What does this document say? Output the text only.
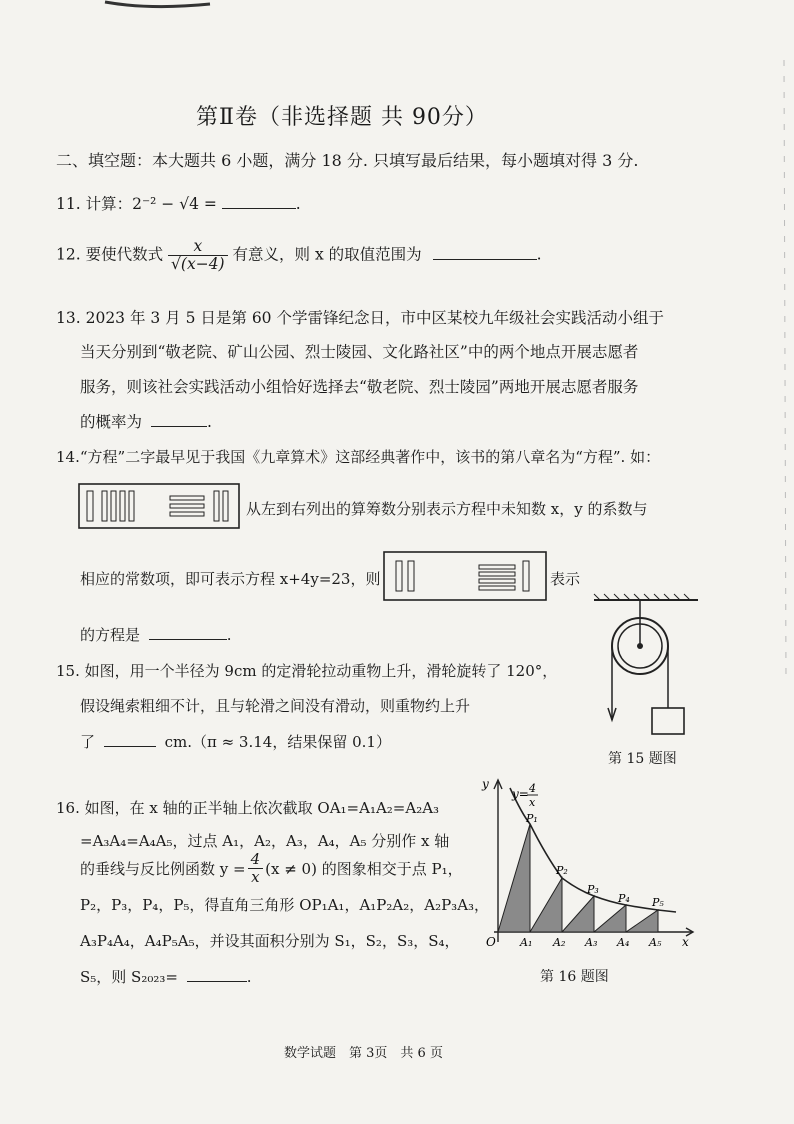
第Ⅱ卷（非选择题 共 90分）
二、填空题：本大题共 6 小题，满分 18 分. 只填写最后结果，每小题填对得 3 分.
11. 计算：2⁻² − √4 =	.
12. 要使代数式 $\frac{x}{√(x-4)}$ 有意义，则 x 的取值范围为	.
13. 2023 年 3 月 5 日是第 60 个学雷锋纪念日，市中区某校九年级社会实践活动小组于
当天分别到“敬老院、矿山公园、烈士陵园、文化路社区”中的两个地点开展志愿者
服务，则该社会实践活动小组恰好选择去“敬老院、烈士陵园”两地开展志愿者服务
的概率为	.
14.“方程”二字最早见于我国《九章算术》这部经典著作中，该书的第八章名为“方程”. 如：
从左到右列出的算筹数分别表示方程中未知数 x，y 的系数与
相应的常数项，即可表示方程 x+4y=23，则	表示
的方程是	.
15. 如图，用一个半径为 9cm 的定滑轮拉动重物上升，滑轮旋转了 120°，
假设绳索粗细不计，且与轮滑之间没有滑动，则重物约上升
了	cm.（π ≈ 3.14，结果保留 0.1）
第 15 题图
16. 如图，在 x 轴的正半轴上依次截取 OA₁=A₁A₂=A₂A₃
=A₃A₄=A₄A₅，过点 A₁，A₂，A₃，A₄，A₅ 分别作 x 轴
的垂线与反比例函数 $y = \frac{4}{x} (x \ne 0)$ 的图象相交于点 P₁，
P₂，P₃，P₄，P₅，得直角三角形 OP₁A₁，A₁P₂A₂，A₂P₃A₃，
A₃P₄A₄，A₄P₅A₅，并设其面积分别为 S₁，S₂，S₃，S₄，
S₅，则 S₂₀₂₃=	.
x
y
O
y= 4
x
P₁
P₂
P₃
P₄ P₅
A₁ A₂ A₃ A₄ A₅
第 16 题图
数学试题　第 3页　共 6 页
